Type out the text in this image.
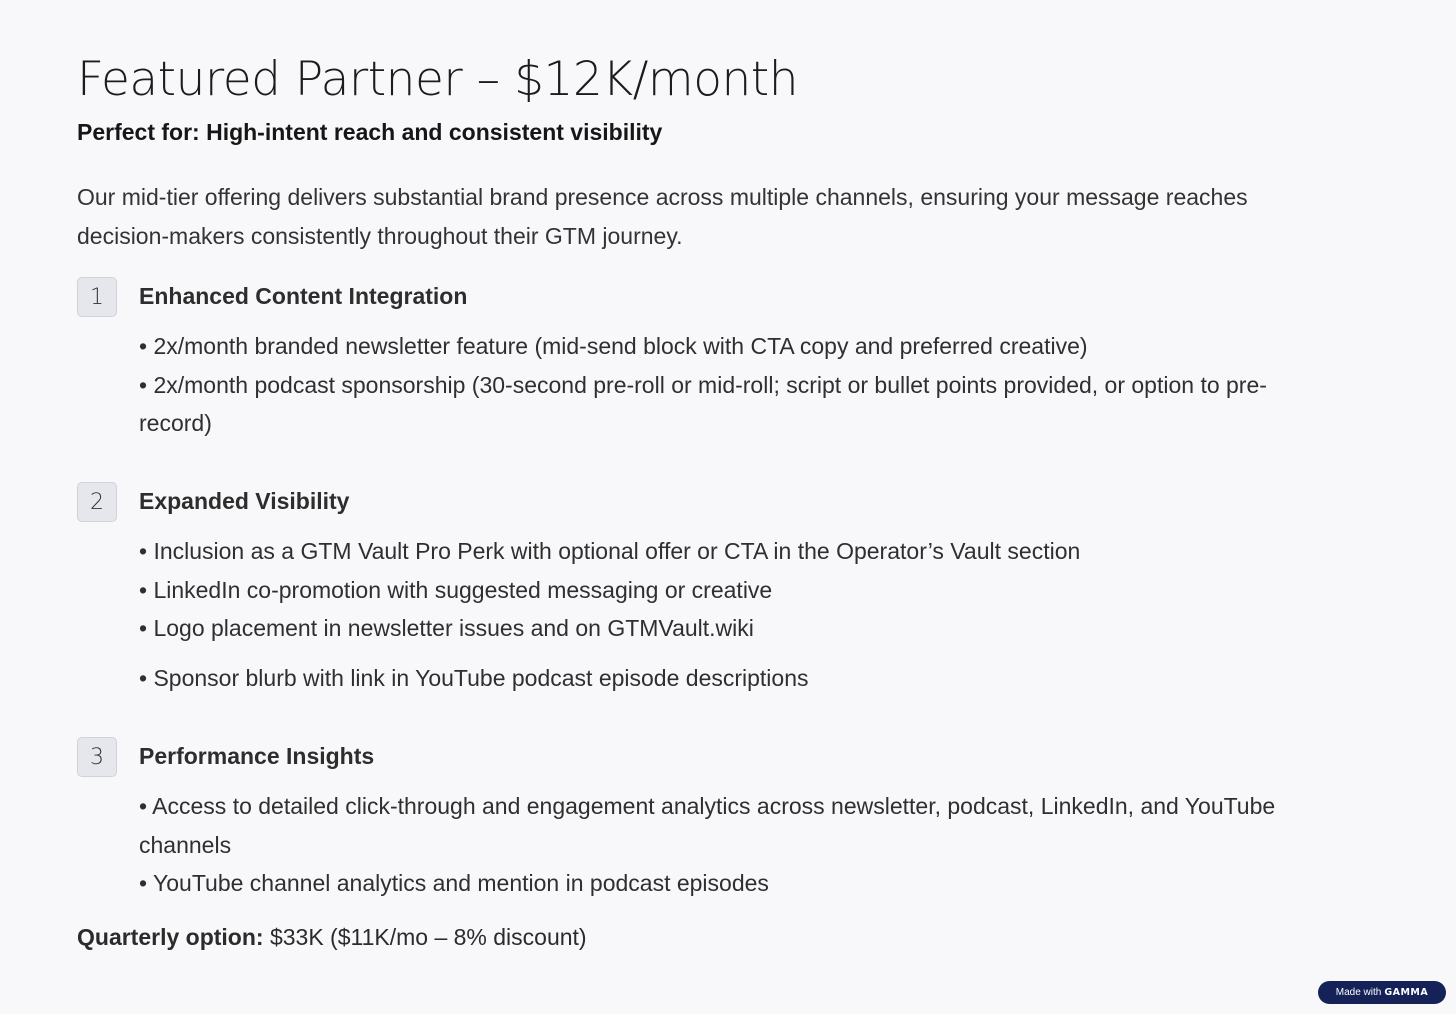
Featured Partner – $12K/month
Perfect for: High-intent reach and consistent visibility
Our mid-tier offering delivers substantial brand presence across multiple channels, ensuring your message reaches decision-makers consistently throughout their GTM journey.
1	Enhanced Content Integration
• 2x/month branded newsletter feature (mid-send block with CTA copy and preferred creative)
• 2x/month podcast sponsorship (30-second pre-roll or mid-roll; script or bullet points provided, or option to pre-record)
2	Expanded Visibility
• Inclusion as a GTM Vault Pro Perk with optional offer or CTA in the Operator’s Vault section
• LinkedIn co-promotion with suggested messaging or creative
• Logo placement in newsletter issues and on GTMVault.wiki
• Sponsor blurb with link in YouTube podcast episode descriptions
3	Performance Insights
• Access to detailed click-through and engagement analytics across newsletter, podcast, LinkedIn, and YouTube channels
• YouTube channel analytics and mention in podcast episodes
Quarterly option: $33K ($11K/mo – 8% discount)
Made with GAMMA
